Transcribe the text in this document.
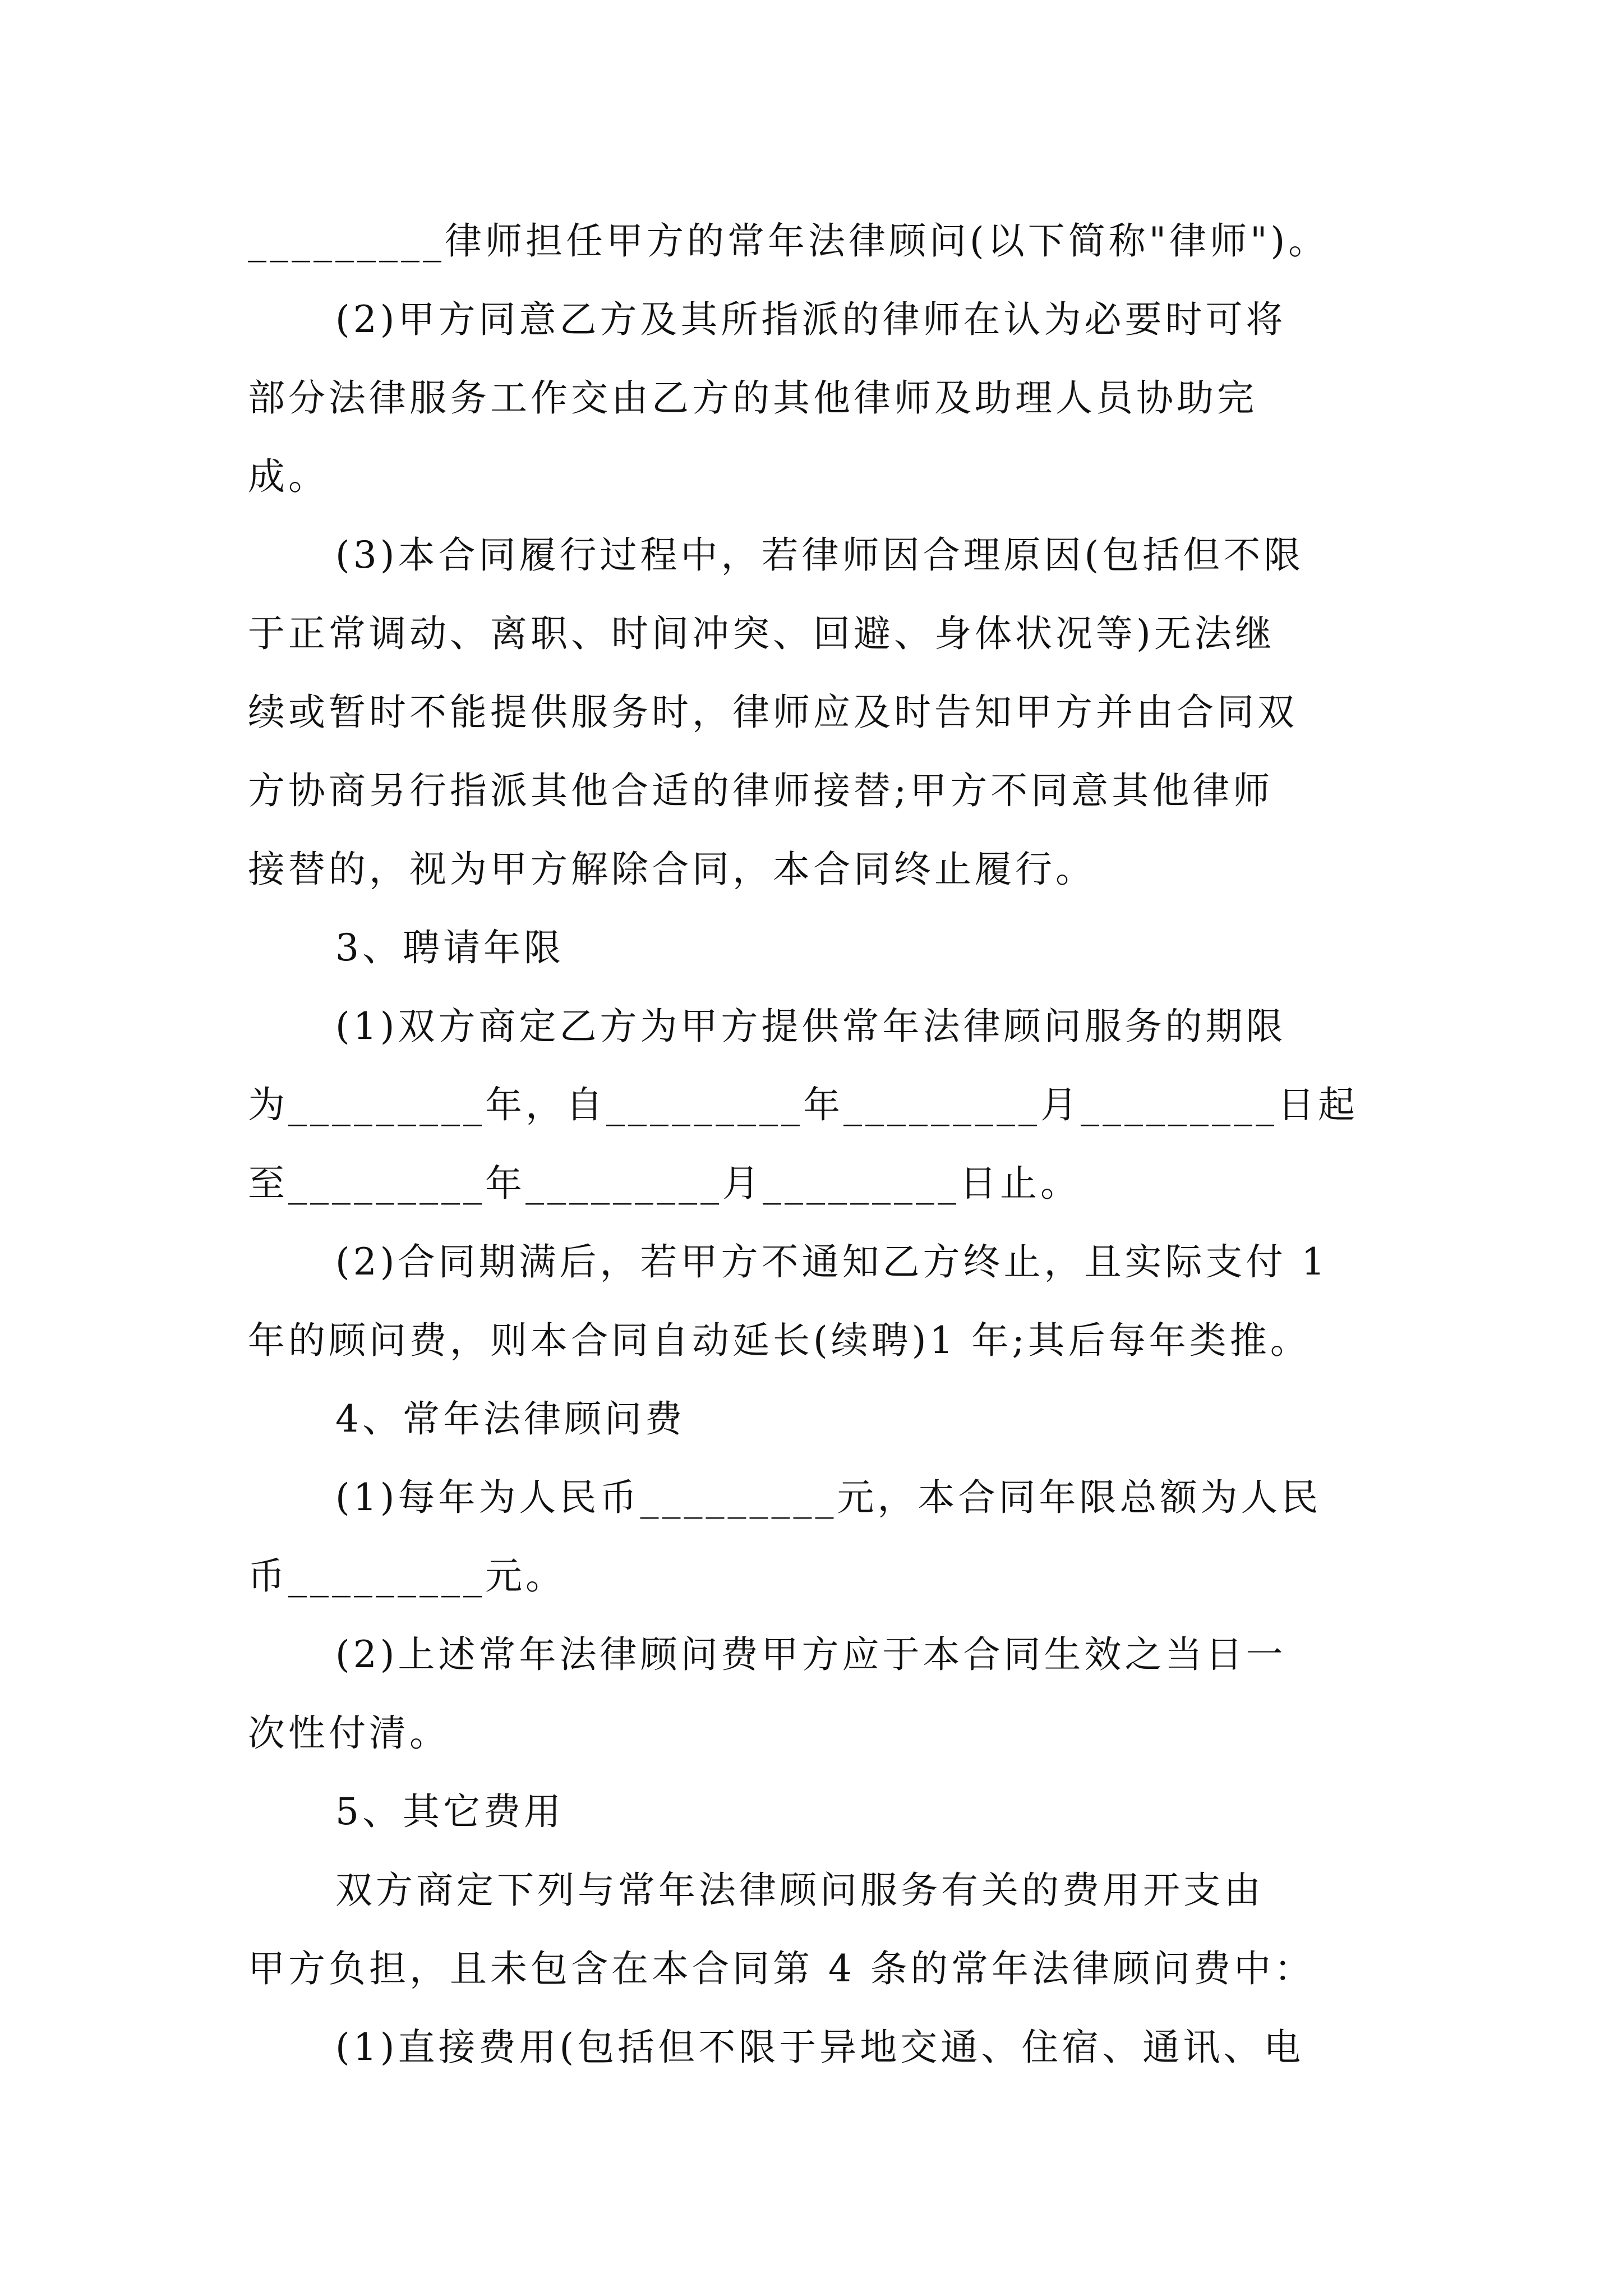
_________律师担任甲方的常年法律顾问(以下简称"律师")。
(2)甲方同意乙方及其所指派的律师在认为必要时可将
部分法律服务工作交由乙方的其他律师及助理人员协助完
成。
(3)本合同履行过程中，若律师因合理原因(包括但不限
于正常调动、离职、时间冲突、回避、身体状况等)无法继
续或暂时不能提供服务时，律师应及时告知甲方并由合同双
方协商另行指派其他合适的律师接替;甲方不同意其他律师
接替的，视为甲方解除合同，本合同终止履行。
3、聘请年限
(1)双方商定乙方为甲方提供常年法律顾问服务的期限
为_________年，自_________年_________月_________日起
至_________年_________月_________日止。
(2)合同期满后，若甲方不通知乙方终止，且实际支付 1
年的顾问费，则本合同自动延长(续聘)1 年;其后每年类推。
4、常年法律顾问费
(1)每年为人民币_________元，本合同年限总额为人民
币_________元。
(2)上述常年法律顾问费甲方应于本合同生效之当日一
次性付清。
5、其它费用
双方商定下列与常年法律顾问服务有关的费用开支由
甲方负担，且未包含在本合同第 4 条的常年法律顾问费中：
(1)直接费用(包括但不限于异地交通、住宿、通讯、电
